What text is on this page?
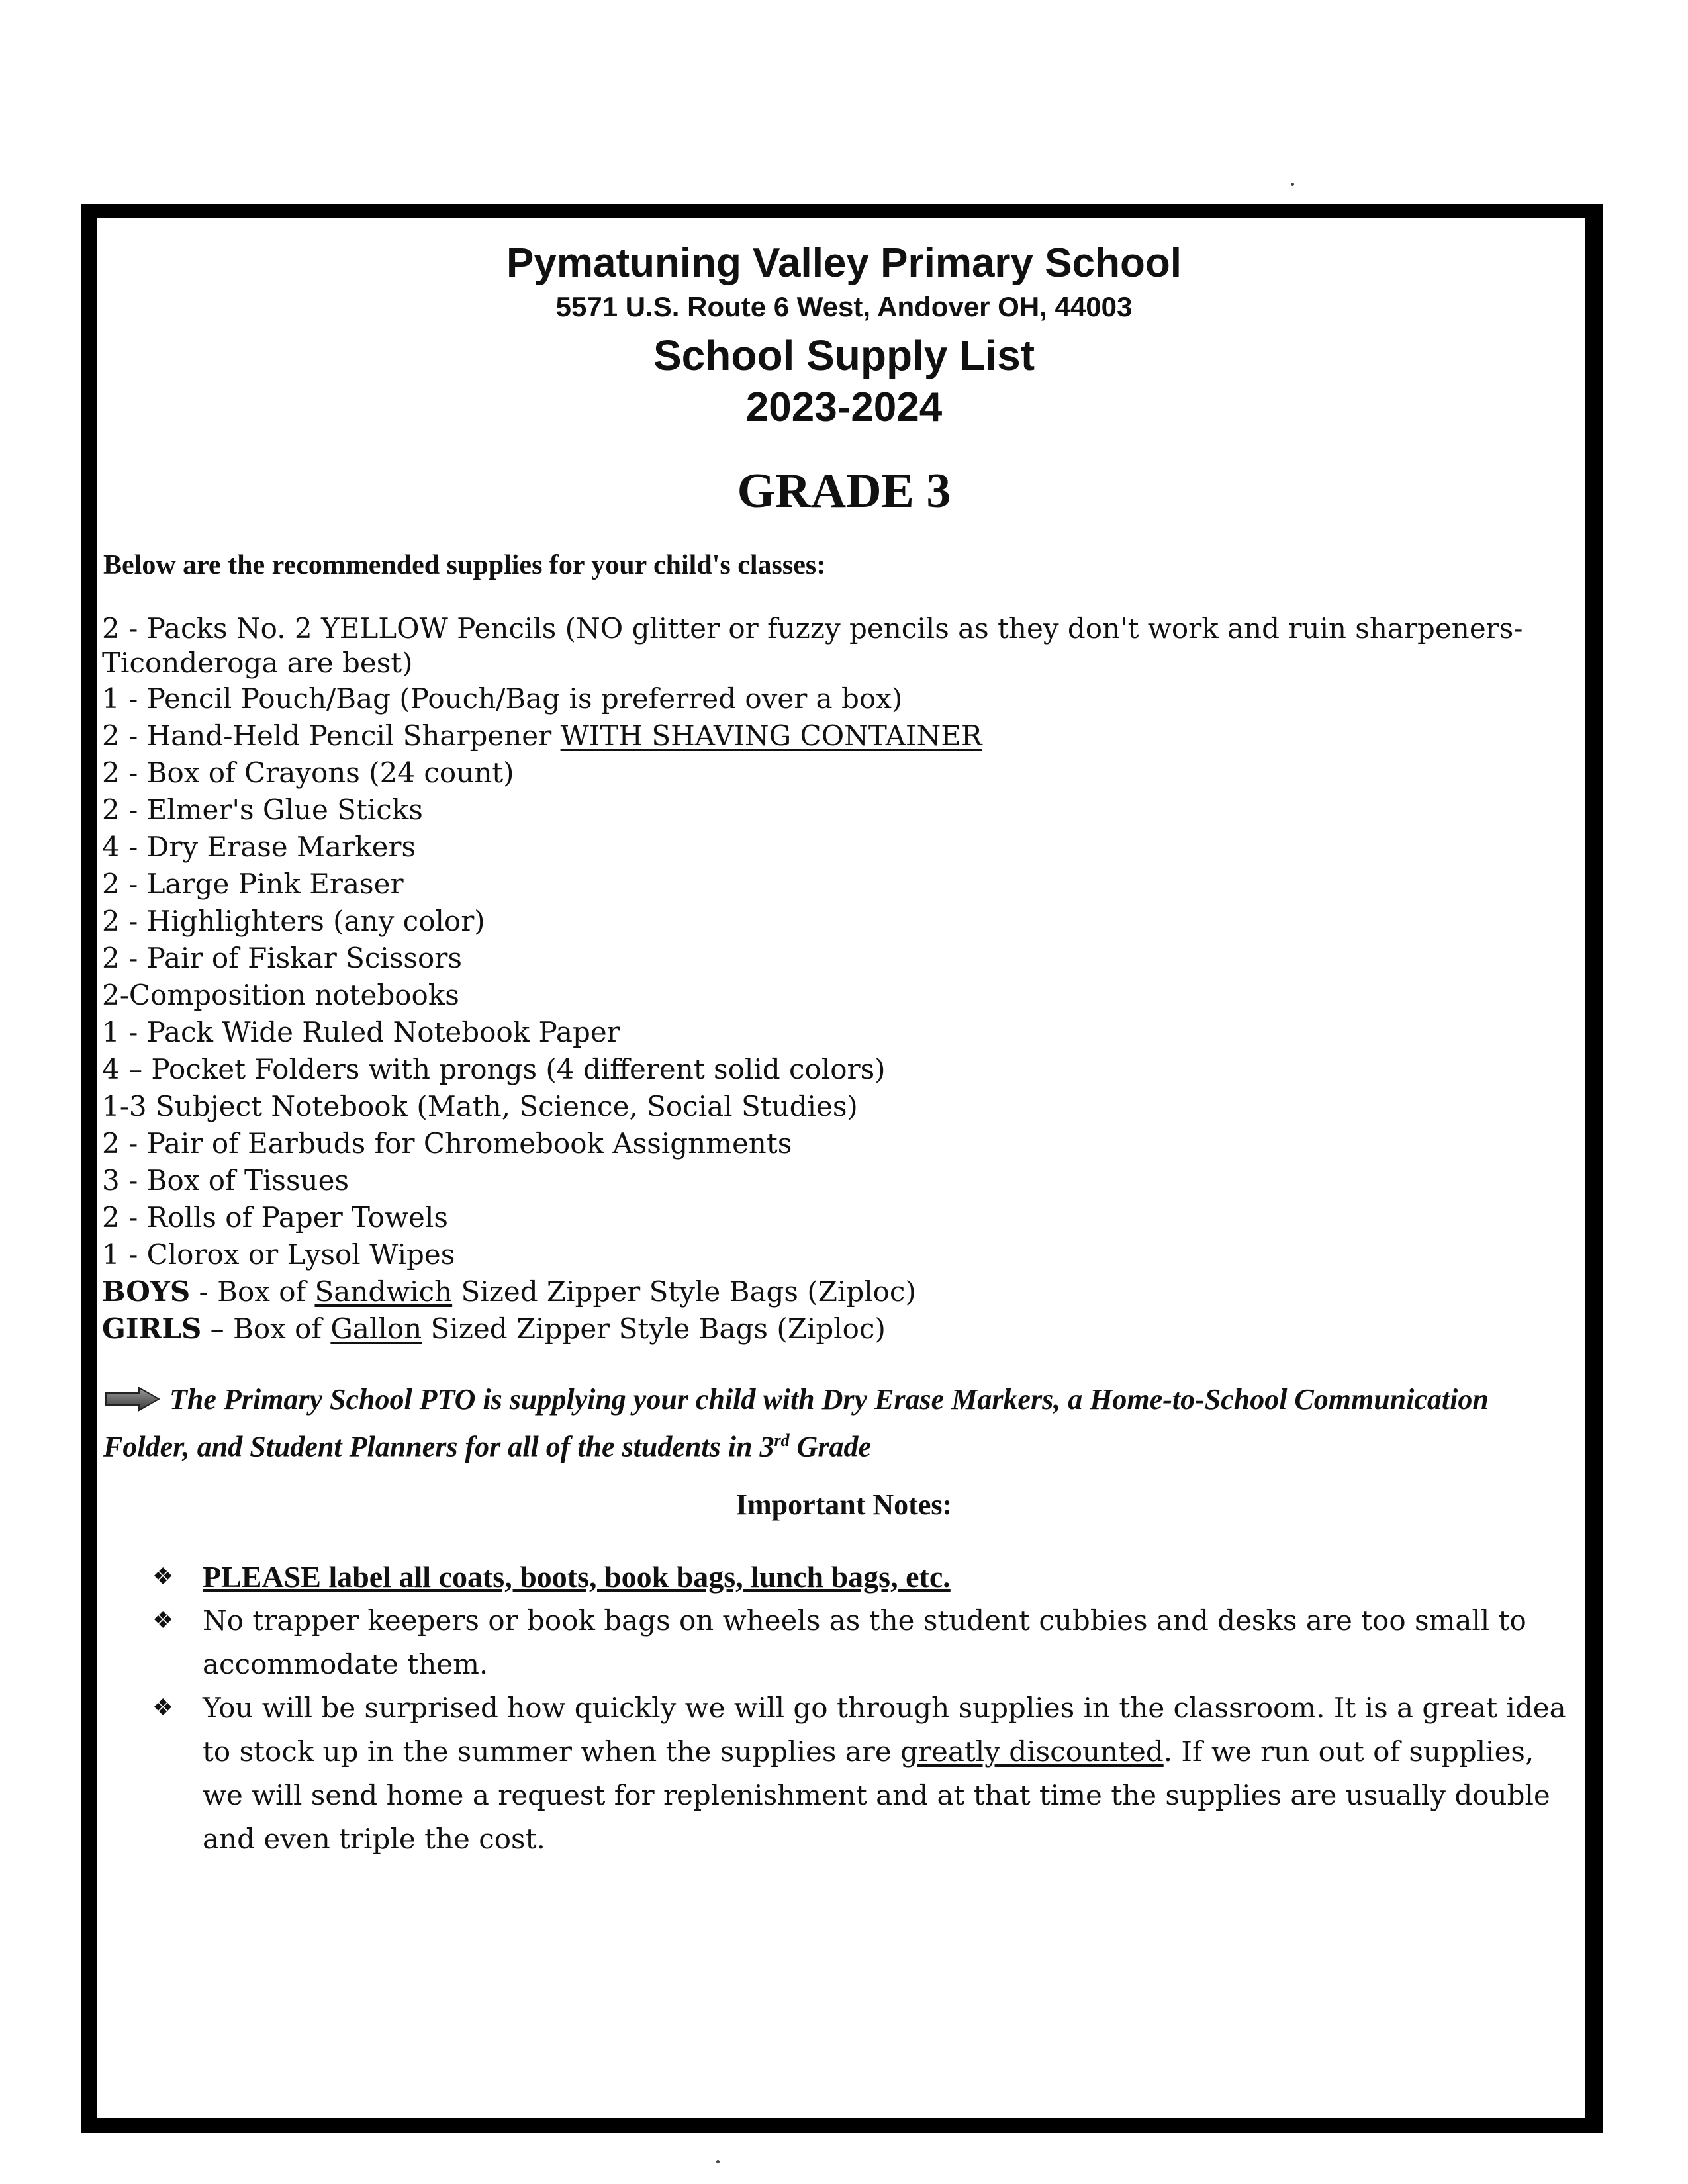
Pymatuning Valley Primary School
5571 U.S. Route 6 West, Andover OH, 44003
School Supply List
2023-2024
GRADE 3
Below are the recommended supplies for your child's classes:
2 - Packs No. 2 YELLOW Pencils (NO glitter or fuzzy pencils as they don't work and ruin sharpeners-Ticonderoga are best)
1 - Pencil Pouch/Bag (Pouch/Bag is preferred over a box)
2 - Hand-Held Pencil Sharpener WITH SHAVING CONTAINER
2 - Box of Crayons (24 count)
2 - Elmer's Glue Sticks
4 - Dry Erase Markers
2 - Large Pink Eraser
2 - Highlighters (any color)
2 - Pair of Fiskar Scissors
2-Composition notebooks
1 - Pack Wide Ruled Notebook Paper
4 – Pocket Folders with prongs (4 different solid colors)
1-3 Subject Notebook (Math, Science, Social Studies)
2 - Pair of Earbuds for Chromebook Assignments
3 - Box of Tissues
2 - Rolls of Paper Towels
1 - Clorox or Lysol Wipes
BOYS - Box of Sandwich Sized Zipper Style Bags (Ziploc)
GIRLS – Box of Gallon Sized Zipper Style Bags (Ziploc)
The Primary School PTO is supplying your child with Dry Erase Markers, a Home-to-School Communication Folder, and Student Planners for all of the students in 3rd Grade
Important Notes:
❖ PLEASE label all coats, boots, book bags, lunch bags, etc.
❖	No trapper keepers or book bags on wheels as the student cubbies and desks are too small to accommodate them.
❖	You will be surprised how quickly we will go through supplies in the classroom. It is a great idea to stock up in the summer when the supplies are greatly discounted. If we run out of supplies, we will send home a request for replenishment and at that time the supplies are usually double and even triple the cost.
